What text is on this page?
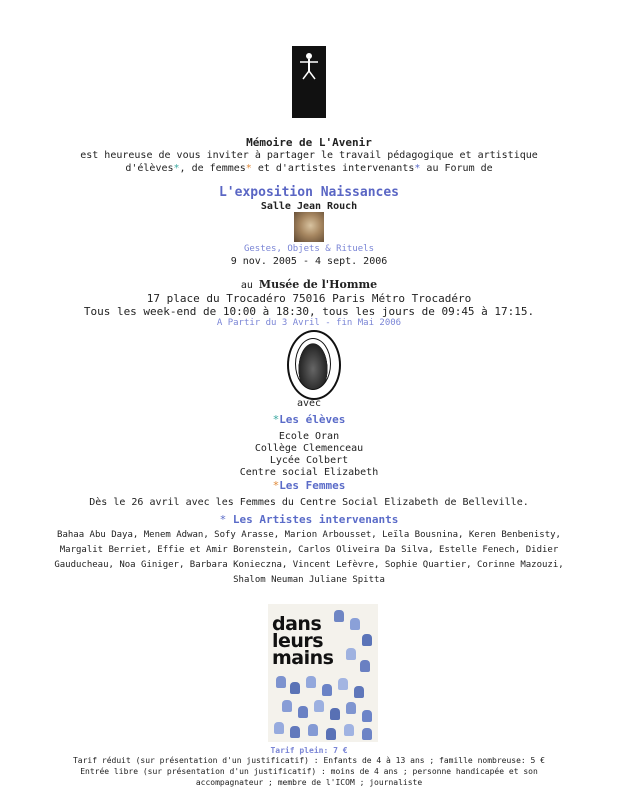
Mémoire de L'Avenir
est heureuse de vous inviter à partager le travail pédagogique et artistique
d'élèves*, de femmes* et d'artistes intervenants* au Forum de
L'exposition Naissances
Salle Jean Rouch
Gestes, Objets & Rituels
9 nov. 2005 - 4 sept. 2006
au Musée de l'Homme
17 place du Trocadéro 75016 Paris Métro Trocadéro
Tous les week-end de 10:00 à 18:30, tous les jours de 09:45 à 17:15.
A Partir du 3 Avril - fin Mai 2006
avec
*Les élèves
Ecole Oran
Collège Clemenceau
Lycée Colbert
Centre social Elizabeth
*Les Femmes
Dès le 26 avril avec les Femmes du Centre Social Elizabeth de Belleville.
* Les Artistes intervenants
Bahaa Abu Daya, Menem Adwan, Sofy Arasse, Marion Arbousset, Leïla Bousnina, Keren Benbenisty,
Margalit Berriet, Effie et Amir Borenstein, Carlos Oliveira Da Silva, Estelle Fenech, Didier
Gauducheau, Noa Giniger, Barbara Konieczna, Vincent Lefèvre, Sophie Quartier, Corinne Mazouzi,
Shalom Neuman Juliane Spitta
dans leurs mains
Tarif plein: 7 €
Tarif réduit (sur présentation d'un justificatif) : Enfants de 4 à 13 ans ; famille nombreuse: 5 €
Entrée libre (sur présentation d'un justificatif) : moins de 4 ans ; personne handicapée et son
accompagnateur ; membre de l'ICOM ; journaliste
